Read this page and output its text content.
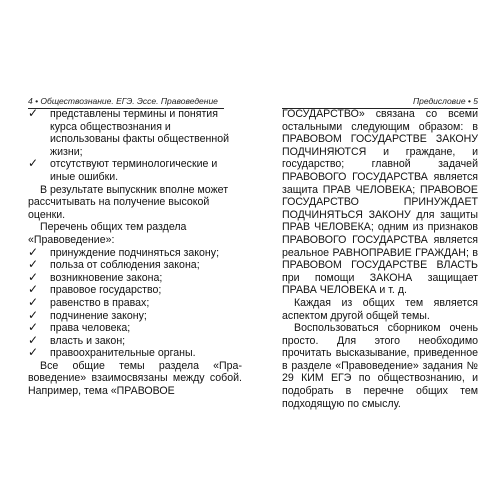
4 • Обществознание. ЕГЭ. Эссе. Правоведение
✓ представлены термины и понятия курса обществознания и использованы факты общественной жизни;
✓ отсутствуют терминологические и иные ошибки.

В результате выпускник вполне может рассчитывать на получение высокой оценки.

Перечень общих тем раздела «Правоведение»:

✓ принуждение подчиняться закону;
✓ польза от соблюдения закона;
✓ возникновение закона;
✓ правовое государство;
✓ равенство в правах;
✓ подчинение закону;
✓ права человека;
✓ власть и закон;
✓ правоохранительные органы.

Все общие темы раздела «Правоведение» взаимосвязаны между собой. Например, тема «ПРАВОВОЕ

Предисловие • 5

ГОСУДАРСТВО» связана со всеми остальными следующим образом: в ПРАВОВОМ ГОСУДАРСТВЕ ЗАКОНУ ПОДЧИНЯЮТСЯ и граждане, и государство; главной задачей ПРАВОВОГО ГОСУДАРСТВА является защита ПРАВ ЧЕЛОВЕКА; ПРАВОВОЕ ГОСУДАРСТВО ПРИНУЖДАЕТ ПОДЧИНЯТЬСЯ ЗАКОНУ для защиты ПРАВ ЧЕЛОВЕКА; одним из признаков ПРАВОВОГО ГОСУДАРСТВА является реальное РАВНОПРАВИЕ ГРАЖДАН; в ПРАВОВОМ ГОСУДАРСТВЕ ВЛАСТЬ при помощи ЗАКОНА защищает ПРАВА ЧЕЛОВЕКА и т. д.

Каждая из общих тем является аспектом другой общей темы.

Воспользоваться сборником очень просто. Для этого необходимо прочитать высказывание, приведенное в разделе «Правоведение» задания № 29 КИМ ЕГЭ по обществознанию, и подобрать в перечне общих тем подходящую по смыслу.
